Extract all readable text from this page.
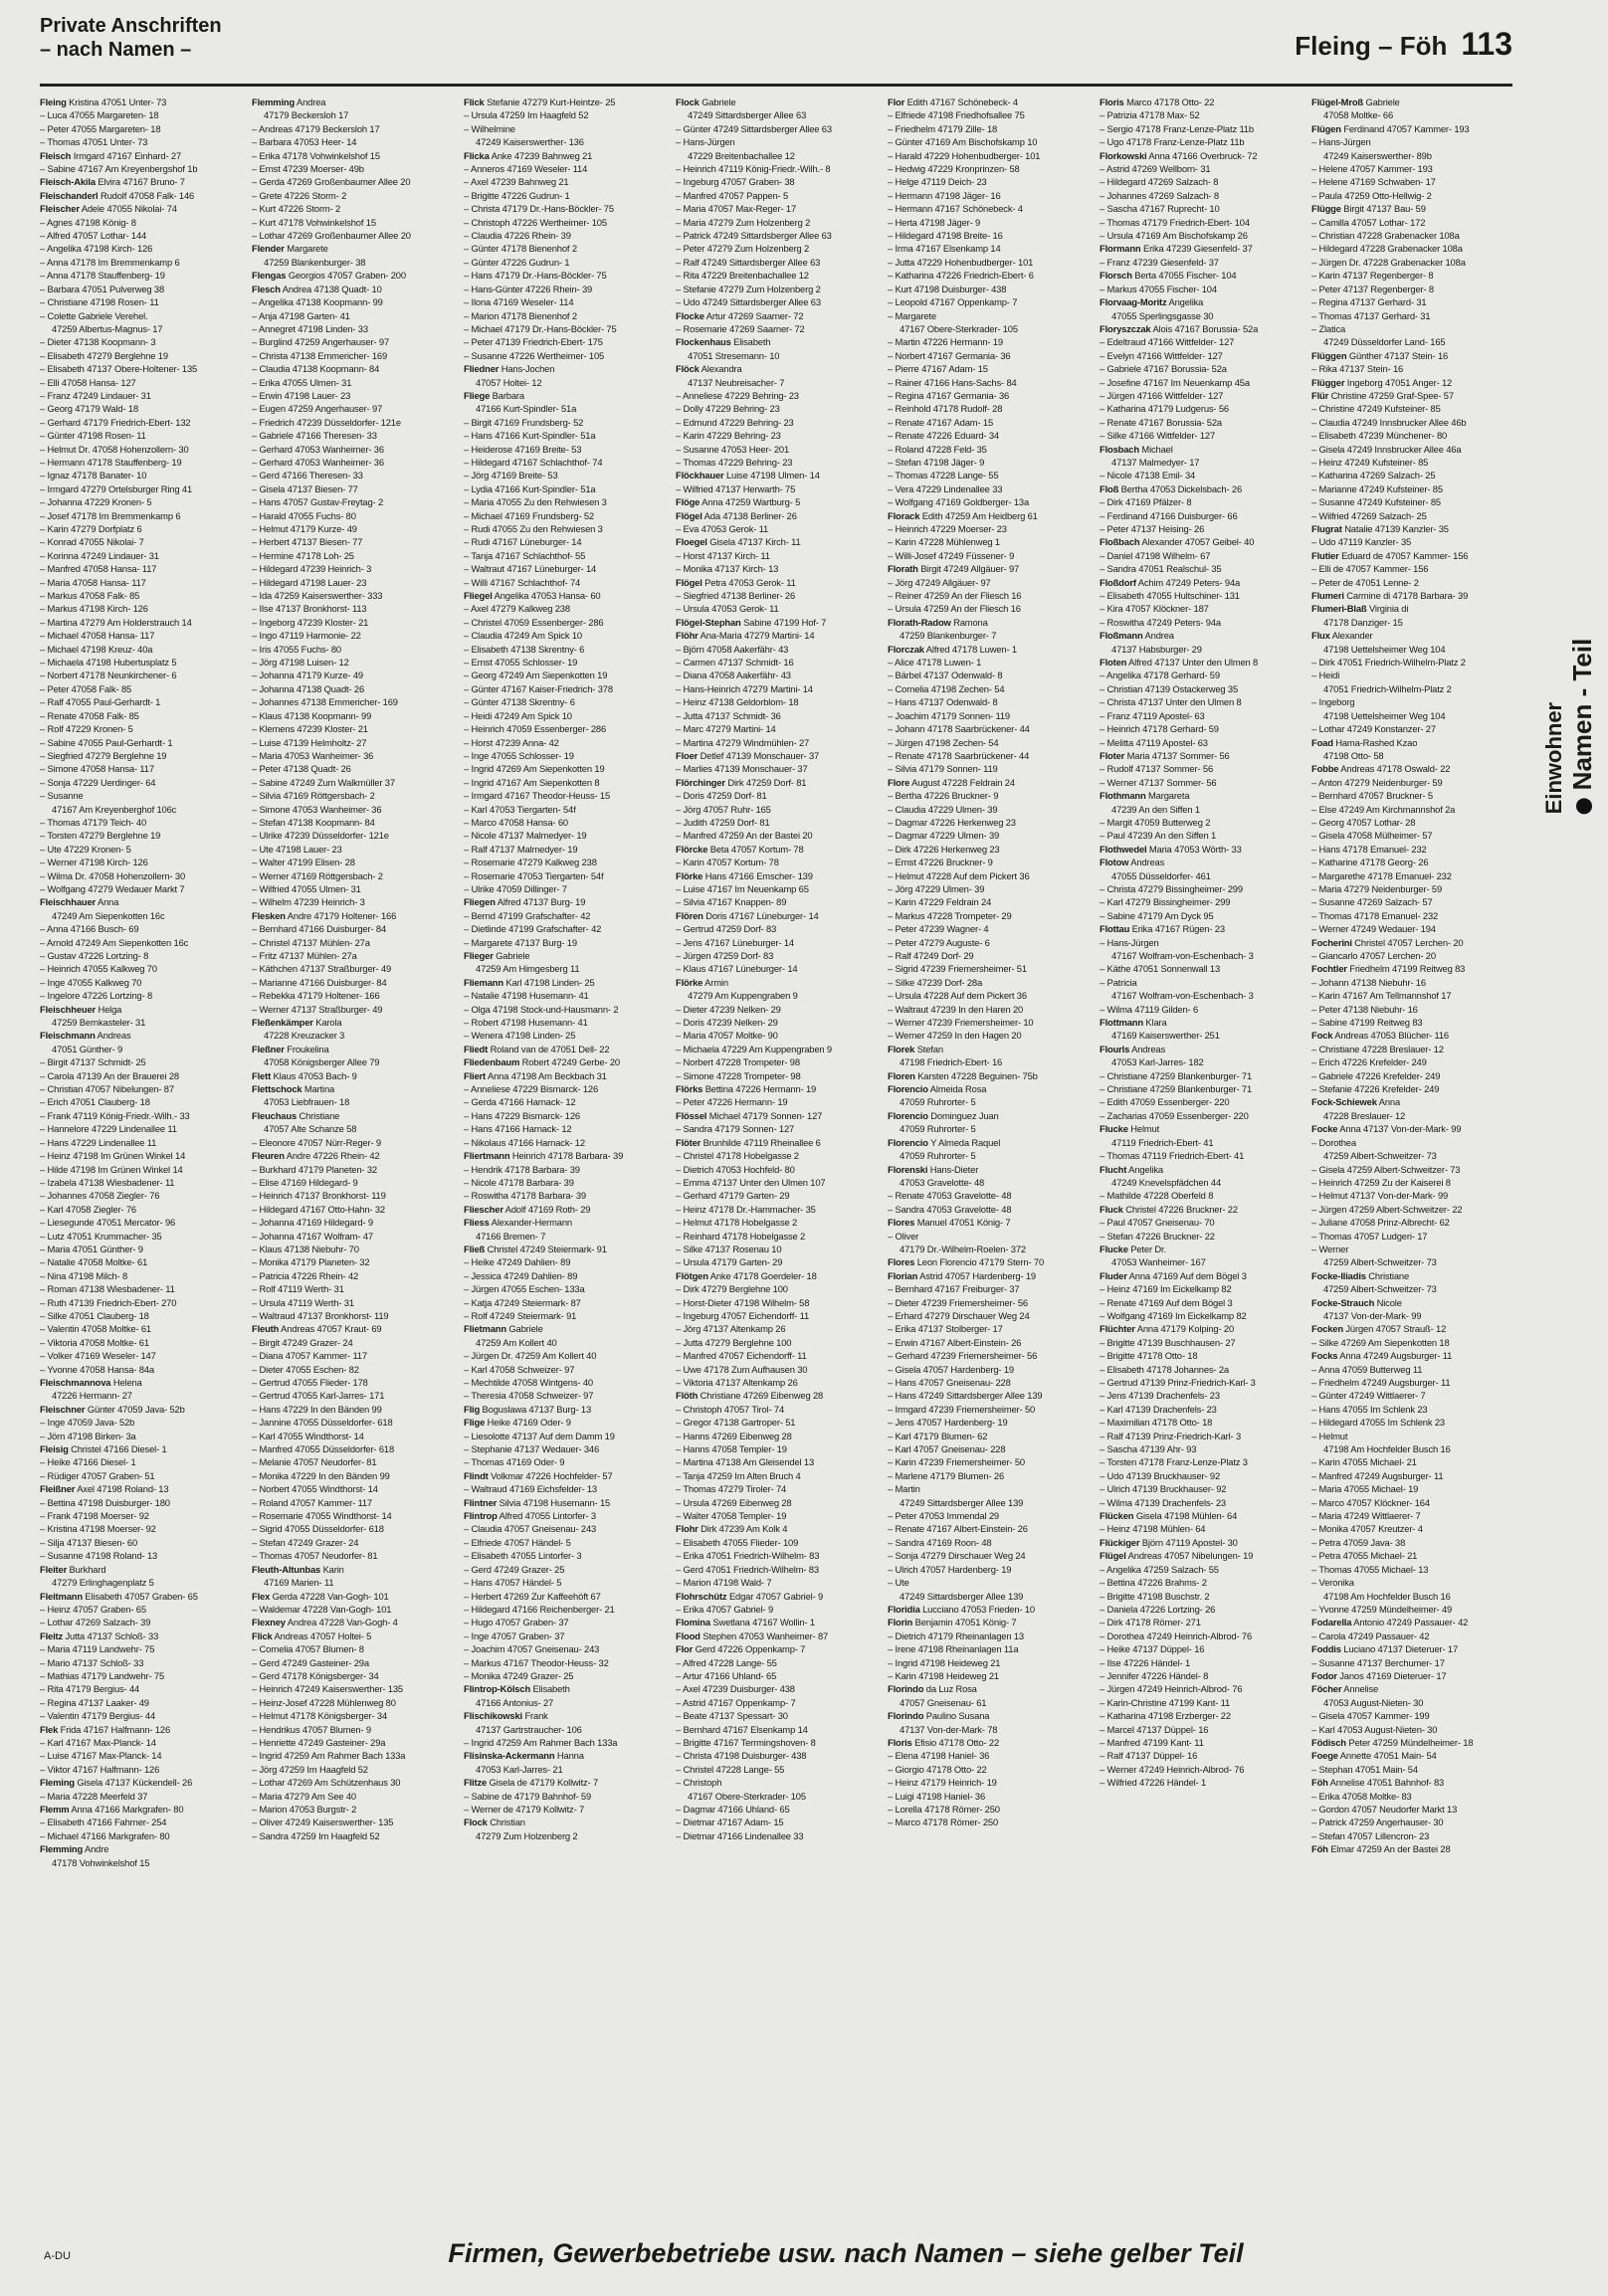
Private Anschriften
– nach Namen –	Fleing – Föh 113
Fleing Kristina 47051 Unter- 73
– Luca 47055 Margareten- 18
– Peter 47055 Margareten- 18
– Thomas 47051 Unter- 73
Fleisch Irmgard 47167 Einhard- 27
– Sabine 47167 Am Kreyenbergshof 1b
Fleisch-Akila Elvira 47167 Bruno- 7
Fleischanderl Rudolf 47058 Falk- 146
Fleischer Adele 47055 Nikolai- 74
– Agnes 47198 König- 8
– Alfred 47057 Lothar- 144
– Angelika 47198 Kirch- 126
– Anna 47178 Im Bremmenkamp 6
– Anna 47178 Stauffenberg- 19
– Barbara 47051 Pulverweg 38
– Christiane 47198 Rosen- 11
– Colette Gabriele Verehel.
47259 Albertus-Magnus- 17
– Dieter 47138 Koopmann- 3
– Elisabeth 47279 Berglehne 19
– Elisabeth 47137 Obere-Holtener- 135
– Elli 47058 Hansa- 127
– Franz 47249 Lindauer- 31
– Georg 47179 Wald- 18
– Gerhard 47179 Friedrich-Ebert- 132
– Günter 47198 Rosen- 11
– Helmut Dr. 47058 Hohenzollern- 30
– Hermann 47178 Stauffenberg- 19
– Ignaz 47178 Banater- 10
– Irmgard 47279 Ortelsburger Ring 41
– Johanna 47229 Kronen- 5
– Josef 47178 Im Bremmenkamp 6
– Karin 47279 Dorfplatz 6
– Konrad 47055 Nikolai- 7
– Korinna 47249 Lindauer- 31
– Manfred 47058 Hansa- 117
– Maria 47058 Hansa- 117
– Markus 47058 Falk- 85
– Markus 47198 Kirch- 126
– Martina 47279 Am Holderstrauch 14
– Michael 47058 Hansa- 117
– Michael 47198 Kreuz- 40a
– Michaela 47198 Hubertusplatz 5
– Norbert 47178 Neunkirchener- 6
– Peter 47058 Falk- 85
– Ralf 47055 Paul-Gerhardt- 1
– Renate 47058 Falk- 85
– Rolf 47229 Kronen- 5
– Sabine 47055 Paul-Gerhardt- 1
– Siegfried 47279 Berglehne 19
– Simone 47058 Hansa- 117
– Sonja 47229 Uerdinger- 64
– Susanne
47167 Am Kreyenberghof 106c
– Thomas 47179 Teich- 40
– Torsten 47279 Berglehne 19
– Ute 47229 Kronen- 5
– Werner 47198 Kirch- 126
– Wilma Dr. 47058 Hohenzollern- 30
– Wolfgang 47279 Wedauer Markt 7
Fleischhauer Anna
47249 Am Siepenkotten 16c
– Anna 47166 Busch- 69
– Arnold 47249 Am Siepenkotten 16c
– Gustav 47226 Lortzing- 8
– Heinrich 47055 Kalkweg 70
– Inge 47055 Kalkweg 70
– Ingelore 47226 Lortzing- 8
Fleischheuer Helga
47259 Bernkasteler- 31
Fleischmann Andreas
47051 Günther- 9
– Birgit 47137 Schmidt- 25
– Carola 47139 An der Brauerei 28
– Christian 47057 Nibelungen- 87
– Erich 47051 Clauberg- 18
– Frank 47119 König-Friedr.-Wilh.- 33
– Hannelore 47229 Lindenallee 11
– Hans 47229 Lindenallee 11
– Heinz 47198 Im Grünen Winkel 14
– Hilde 47198 Im Grünen Winkel 14
– Izabela 47138 Wiesbadener- 11
– Johannes 47058 Ziegler- 76
– Karl 47058 Ziegler- 76
– Liesegunde 47051 Mercator- 96
– Lutz 47051 Krummacher- 35
– Maria 47051 Günther- 9
– Natalie 47058 Moltke- 61
– Nina 47198 Milch- 8
– Roman 47138 Wiesbadener- 11
– Ruth 47139 Friedrich-Ebert- 270
– Silke 47051 Clauberg- 18
– Valentin 47058 Moltke- 61
– Viktoria 47058 Moltke- 61
– Volker 47169 Weseler- 147
– Yvonne 47058 Hansa- 84a
Fleischmannova Helena
47226 Hermann- 27
Fleischner Günter 47059 Java- 52b
– Inge 47059 Java- 52b
– Jörn 47198 Birken- 3a
Fleisig Christel 47166 Diesel- 1
– Heike 47166 Diesel- 1
– Rüdiger 47057 Graben- 51
Fleißner Axel 47198 Roland- 13
– Bettina 47198 Duisburger- 180
– Frank 47198 Moerser- 92
– Kristina 47198 Moerser- 92
– Silja 47137 Biesen- 60
– Susanne 47198 Roland- 13
Fleiter Burkhard
47279 Erlinghagenplatz 5
Fleitmann Elisabeth 47057 Graben- 65
– Heinz 47057 Graben- 65
– Lothar 47269 Salzach- 39
Fleitz Jutta 47137 Schloß- 33
– Maria 47119 Landwehr- 75
– Mario 47137 Schloß- 33
– Mathias 47179 Landwehr- 75
– Rita 47179 Bergius- 44
– Regina 47137 Laaker- 49
– Valentin 47179 Bergius- 44
Flek Frida 47167 Halfmann- 126
– Karl 47167 Max-Planck- 14
– Luise 47167 Max-Planck- 14
– Viktor 47167 Halfmann- 126
Fleming Gisela 47137 Kückendell- 26
– Maria 47228 Meerfeld 37
Flemm Anna 47166 Markgrafen- 80
– Elisabeth 47166 Fahrner- 254
– Michael 47166 Markgrafen- 80
Flemming Andre
47178 Vohwinkelshof 15
Flemming Andrea
47179 Beckersloh 17
– Andreas 47179 Beckersloh 17
– Barbara 47053 Heer- 14
– Erika 47178 Vohwinkelshof 15
– Ernst 47239 Moerser- 49b
– Gerda 47269 Großenbaumer Allee 20
– Grete 47226 Storm- 2
– Kurt 47226 Storm- 2
– Kurt 47178 Vohwinkelshof 15
– Lothar 47269 Großenbaumer Allee 20
Flender Margarete
47259 Blankenburger- 38
Flengas Georgios 47057 Graben- 200
Flesch Andrea 47138 Quadt- 10
– Angelika 47138 Koopmann- 99
– Anja 47198 Garten- 41
– Annegret 47198 Linden- 33
– Burglind 47259 Angerhauser- 97
– Christa 47138 Emmericher- 169
– Claudia 47138 Koopmann- 84
– Erika 47055 Ulmen- 31
– Erwin 47198 Lauer- 23
– Eugen 47259 Angerhauser- 97
– Friedrich 47239 Düsseldorfer- 121e
– Gabriele 47166 Theresen- 33
– Gerhard 47053 Wanheimer- 36
– Gerhard 47053 Wanheimer- 36
– Gerd 47166 Theresen- 33
– Gisela 47137 Biesen- 77
– Hans 47057 Gustav-Freytag- 2
– Harald 47055 Fuchs- 80
– Helmut 47179 Kurze- 49
– Herbert 47137 Biesen- 77
– Hermine 47178 Loh- 25
– Hildegard 47239 Heinrich- 3
– Hildegard 47198 Lauer- 23
– Ida 47259 Kaiserswerther- 333
– Ilse 47137 Bronkhorst- 113
– Ingeborg 47239 Kloster- 21
– Ingo 47119 Harmonie- 22
– Iris 47055 Fuchs- 80
– Jörg 47198 Luisen- 12
– Johanna 47179 Kurze- 49
– Johanna 47138 Quadt- 26
– Johannes 47138 Emmericher- 169
– Klaus 47138 Koopmann- 99
– Klemens 47239 Kloster- 21
– Luise 47139 Helmholtz- 27
– Maria 47053 Wanheimer- 36
– Peter 47138 Quadt- 26
– Sabine 47249 Zum Walkmüller 37
– Silvia 47169 Röttgersbach- 2
– Simone 47053 Wanheimer- 36
– Stefan 47138 Koopmann- 84
– Ulrike 47239 Düsseldorfer- 121e
– Ute 47198 Lauer- 23
– Walter 47199 Elisen- 28
– Werner 47169 Röttgersbach- 2
– Wilfried 47055 Ulmen- 31
– Wilhelm 47239 Heinrich- 3
Flesken Andre 47179 Holtener- 166
– Bernhard 47166 Duisburger- 84
– Christel 47137 Mühlen- 27a
– Fritz 47137 Mühlen- 27a
– Käthchen 47137 Straßburger- 49
– Marianne 47166 Duisburger- 84
– Rebekka 47179 Holtener- 166
– Werner 47137 Straßburger- 49
Fleßenkämper Karola
47228 Kreuzacker 3
Fleßner Froukelina
47058 Königsberger Allee 79
Flett Klaus 47053 Bach- 9
Flettschock Martina
47053 Liebfrauen- 18
Fleuchaus Christiane
47057 Alte Schanze 58
– Eleonore 47057 Nürr-Reger- 9
Fleuren Andre 47226 Rhein- 42
– Burkhard 47179 Planeten- 32
– Elise 47169 Hildegard- 9
– Heinrich 47137 Bronkhorst- 119
– Hildegard 47167 Otto-Hahn- 32
– Johanna 47169 Hildegard- 9
– Johanna 47167 Wolfram- 47
– Klaus 47138 Niebuhr- 70
– Monika 47179 Planeten- 32
– Patricia 47226 Rhein- 42
– Rolf 47119 Werth- 31
– Ursula 47119 Werth- 31
– Waltraud 47137 Bronkhorst- 119
Fleuth Andreas 47057 Kraut- 69
– Birgit 47249 Grazer- 24
– Diana 47057 Kammer- 117
– Dieter 47055 Eschen- 82
– Gertrud 47055 Flieder- 178
– Gertrud 47055 Karl-Jarres- 171
– Hans 47229 In den Bänden 99
– Jannine 47055 Düsseldorfer- 618
– Karl 47055 Windthorst- 14
– Manfred 47055 Düsseldorfer- 618
– Melanie 47057 Neudorfer- 81
– Monika 47229 In den Bänden 99
– Norbert 47055 Windthorst- 14
– Roland 47057 Kammer- 117
– Rosemarie 47055 Windthorst- 14
– Sigrid 47055 Düsseldorfer- 618
– Stefan 47249 Grazer- 24
– Thomas 47057 Neudorfer- 81
Fleuth-Altunbas Karin
47169 Marien- 11
Flex Gerda 47228 Van-Gogh- 101
– Waldemar 47228 Van-Gogh- 101
Flexney Andrea 47228 Van-Gogh- 4
Flick Andreas 47057 Holtei- 5
– Cornelia 47057 Blumen- 8
– Gerd 47249 Gasteiner- 29a
– Gerd 47178 Königsberger- 34
– Heinrich 47249 Kaiserswerther- 135
– Heinz-Josef 47228 Mühlenweg 80
– Helmut 47178 Königsberger- 34
– Hendrikus 47057 Blumen- 9
– Henriette 47249 Gasteiner- 29a
– Ingrid 47259 Am Rahmer Bach 133a
– Jörg 47259 Im Haagfeld 52
– Lothar 47269 Am Schützenhaus 30
– Maria 47279 Am See 40
– Marion 47053 Burgstr- 2
– Oliver 47249 Kaiserswerther- 135
– Sandra 47259 Im Haagfeld 52
Flick Stefanie 47279 Kurt-Heintze- 25
– Ursula 47259 Im Haagfeld 52
– Wilhelmine
47249 Kaiserswerther- 136
Flicka Anke 47239 Bahnweg 21
– Anneros 47169 Weseler- 114
– Axel 47239 Bahnweg 21
– Brigitte 47226 Gudrun- 1
– Christa 47179 Dr.-Hans-Böckler- 75
– Christoph 47226 Wertheimer- 105
– Claudia 47226 Rhein- 39
– Günter 47178 Bienenhof 2
– Günter 47226 Gudrun- 1
– Hans 47179 Dr.-Hans-Böckler- 75
– Hans-Günter 47226 Rhein- 39
– Ilona 47169 Weseler- 114
– Marion 47178 Bienenhof 2
– Michael 47179 Dr.-Hans-Böckler- 75
– Peter 47139 Friedrich-Ebert- 175
– Susanne 47226 Wertheimer- 105
Fliedner Hans-Jochen
47057 Holtei- 12
Fliege Barbara
47166 Kurt-Spindler- 51a
– Birgit 47169 Frundsberg- 52
– Hans 47166 Kurt-Spindler- 51a
– Heiderose 47169 Breite- 53
– Hildegard 47167 Schlachthof- 74
– Jörg 47169 Breite- 53
– Lydia 47166 Kurt-Spindler- 51a
– Maria 47055 Zu den Rehwiesen 3
– Michael 47169 Frundsberg- 52
– Rudi 47055 Zu den Rehwiesen 3
– Rudi 47167 Lüneburger- 14
– Tanja 47167 Schlachthof- 55
– Waltraut 47167 Lüneburger- 14
– Willi 47167 Schlachthof- 74
Fliegel Angelika 47053 Hansa- 60
– Axel 47279 Kalkweg 238
– Christel 47059 Essenberger- 286
– Claudia 47249 Am Spick 10
– Elisabeth 47138 Skrentny- 6
– Ernst 47055 Schlosser- 19
– Georg 47249 Am Siepenkotten 19
– Günter 47167 Kaiser-Friedrich- 378
– Günter 47138 Skrentny- 6
– Heidi 47249 Am Spick 10
– Heinrich 47059 Essenberger- 286
– Horst 47239 Anna- 42
– Inge 47055 Schlosser- 19
– Ingrid 47269 Am Siepenkotten 19
– Ingrid 47167 Am Siepenkotten 8
– Irmgard 47167 Theodor-Heuss- 15
– Karl 47053 Tiergarten- 54f
– Marco 47058 Hansa- 60
– Nicole 47137 Malmedyer- 19
– Ralf 47137 Malmedyer- 19
– Rosemarie 47279 Kalkweg 238
– Rosemarie 47053 Tiergarten- 54f
– Ulrike 47059 Dillinger- 7
Fliegen Alfred 47137 Burg- 19
– Bernd 47199 Grafschafter- 42
– Dietlinde 47199 Grafschafter- 42
– Margarete 47137 Burg- 19
Flieger Gabriele
47259 Am Himgesberg 11
Fliemann Karl 47198 Linden- 25
– Natalie 47198 Husemann- 41
– Olga 47198 Stock-und-Hausmann- 2
– Robert 47198 Husemann- 41
– Wenera 47198 Linden- 25
Fliedt Roland van de 47051 Dell- 22
Fliedenbaum Robert 47249 Gerbe- 20
Fliert Anna 47198 Am Beckbach 31
– Anneliese 47229 Bismarck- 126
– Gerda 47166 Harnack- 12
– Hans 47229 Bismarck- 126
– Hans 47166 Harnack- 12
– Nikolaus 47166 Harnack- 12
Fliertmann Heinrich 47178 Barbara- 39
– Hendrik 47178 Barbara- 39
– Nicole 47178 Barbara- 39
– Roswitha 47178 Barbara- 39
Fliescher Adolf 47169 Roth- 29
Fliess Alexander-Hermann
47166 Bremen- 7
Fließ Christel 47249 Steiermark- 91
– Heike 47249 Dahlien- 89
– Jessica 47249 Dahlien- 89
– Jürgen 47055 Eschen- 133a
– Katja 47249 Steiermark- 87
– Rolf 47249 Steiermark- 91
Flietmann Gabriele
47259 Am Kollert 40
– Jürgen Dr. 47259 Am Kollert 40
– Karl 47058 Schweizer- 97
– Mechtilde 47058 Wintgens- 40
– Theresia 47058 Schweizer- 97
Flig Boguslawa 47137 Burg- 13
Flige Heike 47169 Oder- 9
– Liesolotte 47137 Auf dem Damm 19
– Stephanie 47137 Wedauer- 346
– Thomas 47169 Oder- 9
Flindt Volkmar 47226 Hochfelder- 57
– Waltraud 47169 Eichsfelder- 13
Flintner Silvia 47198 Husemann- 15
Flintrop Alfred 47055 Lintorfer- 3
– Claudia 47057 Gneisenau- 243
– Elfriede 47057 Händel- 5
– Elisabeth 47055 Lintorfer- 3
– Gerd 47249 Grazer- 25
– Hans 47057 Händel- 5
– Herbert 47269 Zur Kaffeehöft 67
– Hildegard 47166 Reichenberger- 21
– Hugo 47057 Graben- 37
– Inge 47057 Graben- 37
– Joachim 47057 Gneisenau- 243
– Markus 47167 Theodor-Heuss- 32
– Monika 47249 Grazer- 25
Flintrop-Kölsch Elisabeth
47166 Antonius- 27
Flischikowski Frank
47137 Gartrstraucher- 106
– Ingrid 47259 Am Rahmer Bach 133a
Flisinska-Ackermann Hanna
47053 Karl-Jarres- 21
Flitze Gisela de 47179 Kollwitz- 7
– Sabine de 47179 Bahnhof- 59
– Werner de 47179 Kollwitz- 7
Flock Christian
47279 Zum Holzenberg 2
Flock Gabriele
47249 Sittardsberger Allee 63
– Günter 47249 Sittardsberger Allee 63
– Hans-Jürgen
47229 Breitenbachallee 12
– Heinrich 47119 König-Friedr.-Wilh.- 8
– Ingeburg 47057 Graben- 38
– Manfred 47057 Pappen- 5
– Maria 47057 Max-Reger- 17
– Maria 47279 Zum Holzenberg 2
– Patrick 47249 Sittardsberger Allee 63
– Peter 47279 Zum Holzenberg 2
– Ralf 47249 Sittardsberger Allee 63
– Rita 47229 Breitenbachallee 12
– Stefanie 47279 Zum Holzenberg 2
– Udo 47249 Sittardsberger Allee 63
Flocke Artur 47269 Saarner- 72
– Rosemarie 47269 Saarner- 72
Flockenhaus Elisabeth
47051 Stresemann- 10
Flöck Alexandra
47137 Neubreisacher- 7
– Anneliese 47229 Behring- 23
– Dolly 47229 Behring- 23
– Edmund 47229 Behring- 23
– Karin 47229 Behring- 23
– Susanne 47053 Heer- 201
– Thomas 47229 Behring- 23
Flöckhauer Luise 47198 Ulmen- 14
– Wilfried 47137 Herwarth- 75
Flöge Anna 47259 Wartburg- 5
Flögel Ada 47138 Berliner- 26
– Eva 47053 Gerok- 11
Floegel Gisela 47137 Kirch- 11
– Horst 47137 Kirch- 11
– Monika 47137 Kirch- 13
Flögel Petra 47053 Gerok- 11
– Siegfried 47138 Berliner- 26
– Ursula 47053 Gerok- 11
Flögel-Stephan Sabine 47199 Hof- 7
Flöhr Ana-Maria 47279 Martini- 14
– Björn 47058 Aakerfähr- 43
– Carmen 47137 Schmidt- 16
– Diana 47058 Aakerfähr- 43
– Hans-Heinrich 47279 Martini- 14
– Heinz 47138 Geldorblom- 18
– Jutta 47137 Schmidt- 36
– Marc 47279 Martini- 14
– Martina 47279 Windmühlen- 27
Floer Detlef 47139 Monschauer- 37
– Marlies 47139 Monschauer- 37
Flörchinger Dirk 47259 Dorf- 81
– Doris 47259 Dorf- 81
– Jörg 47057 Ruhr- 165
– Judith 47259 Dorf- 81
– Manfred 47259 An der Bastei 20
Flörcke Beta 47057 Kortum- 78
– Karin 47057 Kortum- 78
Flörke Hans 47166 Emscher- 139
– Luise 47167 Im Neuenkamp 65
– Silvia 47167 Knappen- 89
Flören Doris 47167 Lüneburger- 14
– Gertrud 47259 Dorf- 83
– Jens 47167 Lüneburger- 14
– Jürgen 47259 Dorf- 83
– Klaus 47167 Lüneburger- 14
Flörke Armin
47279 Am Kuppengraben 9
– Dieter 47239 Nelken- 29
– Doris 47239 Nelken- 29
– Maria 47057 Moltke- 90
– Michaela 47229 Am Kuppengraben 9
– Norbert 47228 Trompeter- 98
– Simone 47228 Trompeter- 98
Flörks Bettina 47226 Hermann- 19
– Peter 47226 Hermann- 19
Flössel Michael 47179 Sonnen- 127
– Sandra 47179 Sonnen- 127
Flöter Brunhilde 47119 Rheinallee 6
– Christel 47178 Hobelgasse 2
– Dietrich 47053 Hochfeld- 80
– Emma 47137 Unter den Ulmen 107
– Gerhard 47179 Garten- 29
– Heinz 47178 Dr.-Hammacher- 35
– Helmut 47178 Hobelgasse 2
– Reinhard 47178 Hobelgasse 2
– Silke 47137 Rosenau 10
– Ursula 47179 Garten- 29
Flötgen Anke 47178 Goerdeler- 18
– Dirk 47279 Berglehne 100
– Horst-Dieter 47198 Wilhelm- 58
– Ingeburg 47057 Eichendorff- 11
– Jörg 47137 Altenkamp 26
– Jutta 47279 Berglehne 100
– Manfred 47057 Eichendorff- 11
– Uwe 47178 Zum Aufhausen 30
– Viktoria 47137 Altenkamp 26
Flöth Christiane 47269 Eibenweg 28
– Christoph 47057 Tirol- 74
– Gregor 47138 Gartroper- 51
– Hanns 47269 Eibenweg 28
– Hanns 47058 Templer- 19
– Martina 47138 Am Gleisendel 13
– Tanja 47259 Im Alten Bruch 4
– Thomas 47279 Tiroler- 74
– Ursula 47269 Eibenweg 28
– Walter 47058 Templer- 19
Flohr Dirk 47239 Am Kolk 4
– Elisabeth 47055 Flieder- 109
– Erika 47051 Friedrich-Wilhelm- 83
– Gerd 47051 Friedrich-Wilhelm- 83
– Marion 47198 Wald- 7
Flohrschütz Edgar 47057 Gabriel- 9
– Erika 47057 Gabriel- 9
Flomina Swetlana 47167 Wollin- 1
Flood Stephen 47053 Wanheimer- 87
Flor Gerd 47226 Oppenkamp- 7
– Alfred 47228 Lange- 55
– Artur 47166 Uhland- 65
– Axel 47239 Duisburger- 438
– Astrid 47167 Oppenkamp- 7
– Beate 47137 Spessart- 30
– Bernhard 47167 Elsenkamp 14
– Brigitte 47167 Terrmingshoven- 8
– Christa 47198 Duisburger- 438
– Christel 47228 Lange- 55
– Christoph
47167 Obere-Sterkrader- 105
– Dagmar 47166 Uhland- 65
– Dietmar 47167 Adam- 15
– Dietmar 47166 Lindenallee 33
Flor Edith 47167 Schönebeck- 4
– Elfriede 47198 Friedhofsallee 75
– Friedhelm 47179 Zille- 18
– Günter 47169 Am Bischofskamp 10
– Harald 47229 Hohenbudberger- 101
– Hedwig 47229 Kronprinzen- 58
– Helge 47119 Deich- 23
– Hermann 47198 Jäger- 16
– Hermann 47167 Schönebeck- 4
– Herta 47198 Jäger- 9
– Hildegard 47198 Breite- 16
– Irma 47167 Elsenkamp 14
– Jutta 47229 Hohenbudberger- 101
– Katharina 47226 Friedrich-Ebert- 6
– Kurt 47198 Duisburger- 438
– Leopold 47167 Oppenkamp- 7
– Margarete
47167 Obere-Sterkrader- 105
– Martin 47226 Hermann- 19
– Norbert 47167 Germania- 36
– Pierre 47167 Adam- 15
– Rainer 47166 Hans-Sachs- 84
– Regina 47167 Germania- 36
– Reinhold 47178 Rudolf- 28
– Renate 47167 Adam- 15
– Renate 47226 Eduard- 34
– Roland 47228 Feld- 35
– Stefan 47198 Jäger- 9
– Thomas 47228 Lange- 55
– Vera 47229 Lindenallee 33
– Wolfgang 47169 Goldberger- 13a
Florack Edith 47259 Am Heidberg 61
– Heinrich 47229 Moerser- 23
– Karin 47228 Mühlenweg 1
– Willi-Josef 47249 Füssener- 9
Florath Birgit 47249 Allgäuer- 97
– Jörg 47249 Allgäuer- 97
– Reiner 47259 An der Fliesch 16
– Ursula 47259 An der Fliesch 16
Florath-Radow Ramona
47259 Blankenburger- 7
Florczak Alfred 47178 Luwen- 1
– Alice 47178 Luwen- 1
– Bärbel 47137 Odenwald- 8
– Cornelia 47198 Zechen- 54
– Hans 47137 Odenwald- 8
– Joachim 47179 Sonnen- 119
– Johann 47178 Saarbrückener- 44
– Jürgen 47198 Zechen- 54
– Renate 47178 Saarbrückener- 44
– Silvia 47179 Sonnen- 119
Flore August 47228 Feldrain 24
– Bertha 47226 Bruckner- 9
– Claudia 47229 Ulmen- 39
– Dagmar 47226 Herkenweg 23
– Dagmar 47229 Ulmen- 39
– Dirk 47226 Herkenweg 23
– Ernst 47226 Bruckner- 9
– Helmut 47228 Auf dem Pickert 36
– Jörg 47229 Ulmen- 39
– Karin 47229 Feldrain 24
– Markus 47228 Trompeter- 29
– Peter 47239 Wagner- 4
– Peter 47279 Auguste- 6
– Ralf 47249 Dorf- 29
– Sigrid 47239 Friemersheimer- 51
– Silke 47239 Dorf- 28a
– Ursula 47228 Auf dem Pickert 36
– Waltraut 47239 In den Haren 20
– Werner 47239 Friemersheimer- 10
– Werner 47259 In den Hagen 20
Florek Stefan
47198 Friedrich-Ebert- 16
Floren Karsten 47228 Beguinen- 75b
Florencio Almeida Rosa
47059 Ruhrorter- 5
Florencio Dominguez Juan
47059 Ruhrorter- 5
Florencio Y Almeda Raquel
47059 Ruhrorter- 5
Florenski Hans-Dieter
47053 Gravelotte- 48
– Renate 47053 Gravelotte- 48
– Sandra 47053 Gravelotte- 48
Flores Manuel 47051 König- 7
– Oliver
47179 Dr.-Wilhelm-Roelen- 372
Flores Leon Florencio 47179 Stern- 70
Florian Astrid 47057 Hardenberg- 19
– Bernhard 47167 Freiburger- 37
– Dieter 47239 Friemersheimer- 56
– Erhard 47279 Dirschauer Weg 24
– Erika 47137 Stolberger- 17
– Erwin 47167 Albert-Einstein- 26
– Gerhard 47239 Friemersheimer- 56
– Gisela 47057 Hardenberg- 19
– Hans 47057 Gneisenau- 228
– Hans 47249 Sittardsberger Allee 139
– Irmgard 47239 Friemersheimer- 50
– Jens 47057 Hardenberg- 19
– Karl 47179 Blumen- 62
– Karl 47057 Gneisenau- 228
– Karin 47239 Friemersheimer- 50
– Marlene 47179 Blumen- 26
– Martin
47249 Sittardsberger Allee 139
– Peter 47053 Immendal 29
– Renate 47167 Albert-Einstein- 26
– Sandra 47169 Roon- 48
– Sonja 47279 Dirschauer Weg 24
– Ulrich 47057 Hardenberg- 19
– Ute
47249 Sittardsberger Allee 139
Floridia Lucciano 47053 Frieden- 10
Florin Benjamin 47051 König- 7
– Dietrich 47179 Rheinanlagen 13
– Irene 47198 Rheinanlagen 11a
– Ingrid 47198 Heideweg 21
– Karin 47198 Heideweg 21
Florindo da Luz Rosa
47057 Gneisenau- 61
Florindo Paulino Susana
47137 Von-der-Mark- 78
Floris Efisio 47178 Otto- 22
– Elena 47198 Haniel- 36
– Giorgio 47178 Otto- 22
– Heinz 47179 Heinrich- 19
– Luigi 47198 Haniel- 36
– Lorella 47178 Römer- 250
– Marco 47178 Römer- 250
Floris Marco 47178 Otto- 22
– Patrizia 47178 Max- 52
– Sergio 47178 Franz-Lenze-Platz 11b
– Ugo 47178 Franz-Lenze-Platz 11b
Florkowski Anna 47166 Overbruck- 72
– Astrid 47269 Wellborn- 31
– Hildegard 47269 Salzach- 8
– Johannes 47269 Salzach- 8
– Sascha 47167 Ruprecht- 10
– Thomas 47179 Friedrich-Ebert- 104
– Ursula 47169 Am Bischofskamp 26
Flormann Erika 47239 Giesenfeld- 37
– Franz 47239 Giesenfeld- 37
Florsch Berta 47055 Fischer- 104
– Markus 47055 Fischer- 104
Florvaag-Moritz Angelika
47055 Sperlingsgasse 30
Floryszczak Alois 47167 Borussia- 52a
– Edeltraud 47166 Wittfelder- 127
– Evelyn 47166 Wittfelder- 127
– Gabriele 47167 Borussia- 52a
– Josefine 47167 Im Neuenkamp 45a
– Jürgen 47166 Wittfelder- 127
– Katharina 47179 Ludgerus- 56
– Renate 47167 Borussia- 52a
– Silke 47166 Wittfelder- 127
Flosbach Michael
47137 Malmedyer- 17
– Nicole 47138 Emil- 34
Floß Bertha 47053 Dickelsbach- 26
– Dirk 47169 Pfälzer- 8
– Ferdinand 47166 Duisburger- 66
– Peter 47137 Heising- 26
Floßbach Alexander 47057 Geibel- 40
– Daniel 47198 Wilhelm- 67
– Sandra 47051 Realschul- 35
Floßdorf Achim 47249 Peters- 94a
– Elisabeth 47055 Hultschiner- 131
– Kira 47057 Klöckner- 187
– Roswitha 47249 Peters- 94a
Floßmann Andrea
47137 Habsburger- 29
Floten Alfred 47137 Unter den Ulmen 8
– Angelika 47178 Gerhard- 59
– Christian 47139 Ostackerweg 35
– Christa 47137 Unter den Ulmen 8
– Franz 47119 Apostel- 63
– Heinrich 47178 Gerhard- 59
– Melitta 47119 Apostel- 63
Floter Maria 47137 Sommer- 56
– Rudolf 47137 Sommer- 56
– Werner 47137 Sommer- 56
Flothmann Margareta
47239 An den Siffen 1
– Margit 47059 Butterweg 2
– Paul 47239 An den Siffen 1
Flothwedel Maria 47053 Wörth- 33
Flotow Andreas
47055 Düsseldorfer- 461
– Christa 47279 Bissingheimer- 299
– Karl 47279 Bissingheimer- 299
– Sabine 47179 Am Dyck 95
Flottau Erika 47167 Rügen- 23
– Hans-Jürgen
47167 Wolfram-von-Eschenbach- 3
– Käthe 47051 Sonnenwall 13
– Patricia
47167 Wolfram-von-Eschenbach- 3
– Wilma 47119 Gilden- 6
Flottmann Klara
47169 Kaiserswerther- 251
Flourls Andreas
47053 Karl-Jarres- 182
– Christiane 47259 Blankenburger- 71
– Christiane 47259 Blankenburger- 71
– Edith 47059 Essenberger- 220
– Zacharias 47059 Essenberger- 220
Flucke Helmut
47119 Friedrich-Ebert- 41
– Thomas 47119 Friedrich-Ebert- 41
Flucht Angelika
47249 Knevelspfädchen 44
– Mathilde 47228 Oberfeld 8
Fluck Christel 47226 Bruckner- 22
– Paul 47057 Gneisenau- 70
– Stefan 47226 Bruckner- 22
Flucke Peter Dr.
47053 Wanheimer- 167
Fluder Anna 47169 Auf dem Bögel 3
– Heinz 47169 Im Eickelkamp 82
– Renate 47169 Auf dem Bögel 3
– Wolfgang 47169 Im Eickelkamp 82
Flüchter Anna 47179 Kolping- 20
– Brigitte 47139 Buschhausen- 27
– Brigitte 47178 Otto- 18
– Elisabeth 47178 Johannes- 2a
– Gertrud 47139 Prinz-Friedrich-Karl- 3
– Jens 47139 Drachenfels- 23
– Karl 47139 Drachenfels- 23
– Maximilian 47178 Otto- 18
– Ralf 47139 Prinz-Friedrich-Karl- 3
– Sascha 47139 Ahr- 93
– Torsten 47178 Franz-Lenze-Platz 3
– Udo 47139 Bruckhauser- 92
– Ulrich 47139 Bruckhauser- 92
– Wilma 47139 Drachenfels- 23
Flücken Gisela 47198 Mühlen- 64
– Heinz 47198 Mühlen- 64
Flückiger Björn 47119 Apostel- 30
Flügel Andreas 47057 Nibelungen- 19
– Angelika 47259 Salzach- 55
– Bettina 47226 Brahms- 2
– Brigitte 47198 Buschstr. 2
– Daniela 47226 Lortzing- 26
– Dirk 47178 Römer- 271
– Dorothea 47249 Heinrich-Albrod- 76
– Heike 47137 Düppel- 16
– Ilse 47226 Händel- 1
– Jennifer 47226 Händel- 8
– Jürgen 47249 Heinrich-Albrod- 76
– Karin-Christine 47199 Kant- 11
– Katharina 47198 Erzberger- 22
– Marcel 47137 Düppel- 16
– Manfred 47199 Kant- 11
– Ralf 47137 Düppel- 16
– Werner 47249 Heinrich-Albrod- 76
– Wilfried 47226 Händel- 1
Flügel-Mroß Gabriele
47058 Moltke- 66
Flügen Ferdinand 47057 Kammer- 193
– Hans-Jürgen
47249 Kaiserswerther- 89b
– Helene 47057 Kammer- 193
– Helene 47169 Schwaben- 17
– Paula 47259 Otto-Hellwig- 2
Flügge Birgit 47137 Bau- 59
– Camilla 47057 Lothar- 172
– Christian 47228 Grabenacker 108a
– Hildegard 47228 Grabenacker 108a
– Jürgen Dr. 47228 Grabenacker 108a
– Karin 47137 Regenberger- 8
– Peter 47137 Regenberger- 8
– Regina 47137 Gerhard- 31
– Thomas 47137 Gerhard- 31
– Zlatica
47249 Düsseldorfer Land- 165
Flüggen Günther 47137 Stein- 16
– Rika 47137 Stein- 16
Flügger Ingeborg 47051 Anger- 12
Flür Christine 47259 Graf-Spee- 57
– Christine 47249 Kufsteiner- 85
– Claudia 47249 Innsbrucker Allee 46b
– Elisabeth 47239 Münchener- 80
– Gisela 47249 Innsbrucker Allee 46a
– Heinz 47249 Kufsteiner- 85
– Katharina 47269 Salzach- 25
– Marianne 47249 Kufsteiner- 85
– Susanne 47249 Kufsteiner- 85
– Wilfried 47269 Salzach- 25
Flugrat Natalie 47139 Kanzler- 35
– Udo 47119 Kanzler- 35
Flutier Eduard de 47057 Kammer- 156
– Elli de 47057 Kammer- 156
– Peter de 47051 Lenne- 2
Flumeri Carmine di 47178 Barbara- 39
Flumeri-Blaß Virginia di
47178 Danziger- 15
Flux Alexander
47198 Uettelsheimer Weg 104
– Dirk 47051 Friedrich-Wilhelm-Platz 2
– Heidi
47051 Friedrich-Wilhelm-Platz 2
– Ingeborg
47198 Uettelsheimer Weg 104
– Lothar 47249 Konstanzer- 27
Foad Hama-Rashed Kzao
47198 Otto- 58
Fobbe Andreas 47178 Oswald- 22
– Anton 47279 Neidenburger- 59
– Bernhard 47057 Bruckner- 5
– Else 47249 Am Kirchmannshof 2a
– Georg 47057 Lothar- 28
– Gisela 47058 Mülheimer- 57
– Hans 47178 Emanuel- 232
– Katharine 47178 Georg- 26
– Margarethe 47178 Emanuel- 232
– Maria 47279 Neidenburger- 59
– Susanne 47269 Salzach- 57
– Thomas 47178 Emanuel- 232
– Werner 47249 Wedauer- 194
Focherini Christel 47057 Lerchen- 20
– Giancarlo 47057 Lerchen- 20
Fochtler Friedhelm 47199 Reitweg 83
– Johann 47138 Niebuhr- 16
– Karin 47167 Am Tellmannshof 17
– Peter 47138 Niebuhr- 16
– Sabine 47199 Reitweg 83
Fock Andreas 47053 Blücher- 116
– Christiane 47228 Breslauer- 12
– Erich 47226 Krefelder- 249
– Gabriele 47226 Krefelder- 249
– Stefanie 47226 Krefelder- 249
Fock-Schiewek Anna
47228 Breslauer- 12
Focke Anna 47137 Von-der-Mark- 99
– Dorothea
47259 Albert-Schweitzer- 73
– Gisela 47259 Albert-Schweitzer- 73
– Heinrich 47259 Zu der Kaiserei 8
– Helmut 47137 Von-der-Mark- 99
– Jürgen 47259 Albert-Schweitzer- 22
– Juliane 47058 Prinz-Albrecht- 62
– Thomas 47057 Ludgeri- 17
– Werner
47259 Albert-Schweitzer- 73
Focke-Iliadis Christiane
47259 Albert-Schweitzer- 73
Focke-Strauch Nicole
47137 Von-der-Mark- 99
Focken Jürgen 47057 Strauß- 12
– Silke 47269 Am Siepenkotten 18
Focks Anna 47249 Augsburger- 11
– Anna 47059 Butterweg 11
– Friedhelm 47249 Augsburger- 11
– Günter 47249 Wittlaerer- 7
– Hans 47055 Im Schlenk 23
– Hildegard 47055 Im Schlenk 23
– Helmut
47198 Am Hochfelder Busch 16
– Karin 47055 Michael- 21
– Manfred 47249 Augsburger- 11
– Maria 47055 Michael- 19
– Marco 47057 Klöckner- 164
– Maria 47249 Wittlaerer- 7
– Monika 47057 Kreutzer- 4
– Petra 47059 Java- 38
– Petra 47055 Michael- 21
– Thomas 47055 Michael- 13
– Veronika
47198 Am Hochfelder Busch 16
– Yvonne 47259 Mündelheimer- 49
Fodarella Antonio 47249 Passauer- 42
– Carola 47249 Passauer- 42
Foddis Luciano 47137 Dieteruer- 17
– Susanne 47137 Berchumer- 17
Fodor Janos 47169 Dieteruer- 17
Föcher Annelise
47053 August-Nieten- 30
– Gisela 47057 Kammer- 199
– Karl 47053 August-Nieten- 30
Födisch Peter 47259 Mündelheimer- 18
Foege Annette 47051 Main- 54
– Stephan 47051 Main- 54
Föh Annelise 47051 Bahnhof- 83
– Erika 47058 Moltke- 83
– Gordon 47057 Neudorfer Markt 13
– Patrick 47259 Angerhauser- 30
– Stefan 47057 Lillencron- 23
Föh Elmar 47259 An der Bastei 28
Einwohner Namen - Teil
A-DU	Firmen, Gewerbebetriebe usw. nach Namen – siehe gelber Teil
